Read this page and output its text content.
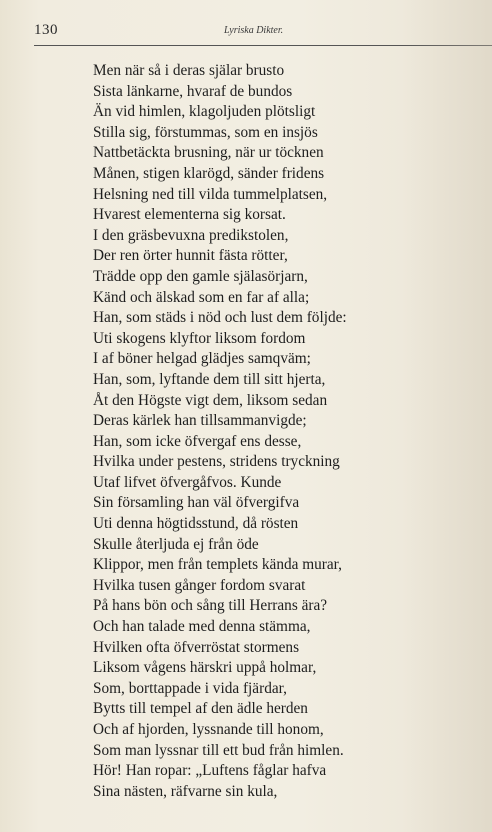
130	Lyriska Dikter.
Men när så i deras själar brusto
Sista länkarne, hvaraf de bundos
Än vid himlen, klagoljuden plötsligt
Stilla sig, förstummas, som en insjös
Nattbetäckta brusning, när ur töcknen
Månen, stigen klarögd, sänder fridens
Helsning ned till vilda tummelplatsen,
Hvarest elementerna sig korsat.
I den gräsbevuxna predikstolen,
Der ren örter hunnit fästa rötter,
Trädde opp den gamle själasörjarn,
Känd och älskad som en far af alla;
Han, som städs i nöd och lust dem följde:
Uti skogens klyftor liksom fordom
I af böner helgad glädjes samqväm;
Han, som, lyftande dem till sitt hjerta,
Åt den Högste vigt dem, liksom sedan
Deras kärlek han tillsammanvigde;
Han, som icke öfvergaf ens desse,
Hvilka under pestens, stridens tryckning
Utaf lifvet öfvergåfvos. Kunde
Sin församling han väl öfvergifva
Uti denna högtidsstund, då rösten
Skulle återljuda ej från öde
Klippor, men från templets kända murar,
Hvilka tusen gånger fordom svarat
På hans bön och sång till Herrans ära?
Och han talade med denna stämma,
Hvilken ofta öfverröstat stormens
Liksom vågens härskri uppå holmar,
Som, borttappade i vida fjärdar,
Bytts till tempel af den ädle herden
Och af hjorden, lyssnande till honom,
Som man lyssnar till ett bud från himlen.
Hör! Han ropar: „Luftens fåglar hafva
Sina nästen, räfvarne sin kula,
